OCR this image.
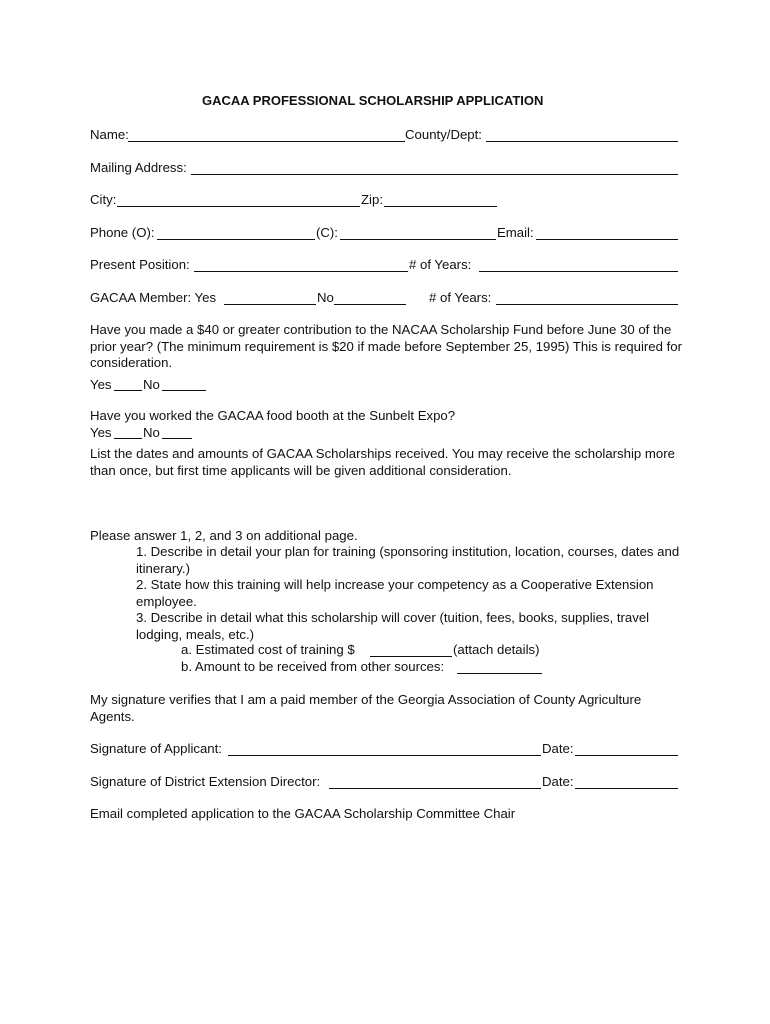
GACAA PROFESSIONAL SCHOLARSHIP APPLICATION
Name:	County/Dept:
Mailing Address:
City:	Zip:
Phone (O):	(C):	Email:
Present Position:	# of Years:
GACAA Member: Yes	No	# of Years:
Have you made a $40 or greater contribution to the NACAA Scholarship Fund before June 30 of the prior year? (The minimum requirement is $20 if made before September 25, 1995) This is required for consideration.
Yes No
Have you worked the GACAA food booth at the Sunbelt Expo?
Yes No
List the dates and amounts of GACAA Scholarships received. You may receive the scholarship more than once, but first time applicants will be given additional consideration.
Please answer 1, 2, and 3 on additional page.
1. Describe in detail your plan for training (sponsoring institution, location, courses, dates and itinerary.)
2. State how this training will help increase your competency as a Cooperative Extension employee.
3. Describe in detail what this scholarship will cover (tuition, fees, books, supplies, travel lodging, meals, etc.)
a. Estimated cost of training $	(attach details)
b. Amount to be received from other sources:
My signature verifies that I am a paid member of the Georgia Association of County Agriculture Agents.
Signature of Applicant:	Date:
Signature of District Extension Director:	Date:
Email completed application to the GACAA Scholarship Committee Chair
